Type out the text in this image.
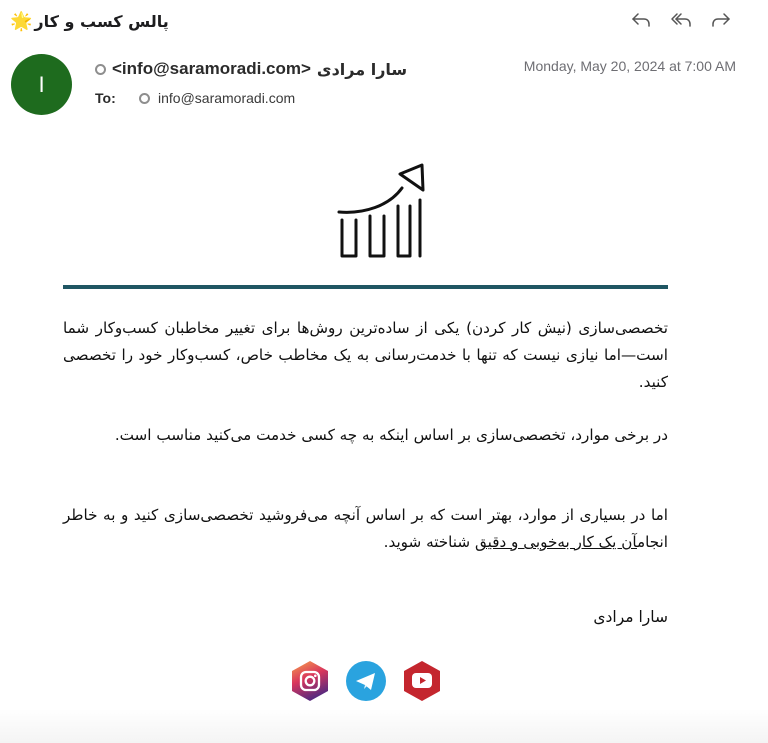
🌟 پالس کسب و کار
I
<info@saramoradi.com> سارا مرادی
To:	info@saramoradi.com
Monday, May 20, 2024 at 7:00 AM

تخصصی‌سازی (نیش کار کردن) یکی از ساده‌ترین روش‌ها برای تغییر مخاطبان کسب‌وکار شما است—اما نیازی نیست که تنها با خدمت‌رسانی به یک مخاطب خاص، کسب‌وکار خود را تخصصی کنید.

در برخی موارد، تخصصی‌سازی بر اساس اینکه به چه کسی خدمت می‌کنید مناسب است.

اما در بسیاری از موارد، بهتر است که بر اساس آنچه می‌فروشید تخصصی‌سازی کنید و به خاطر انجامآن یک کار به‌خوبی و دقیق شناخته شوید.

سارا مرادی
